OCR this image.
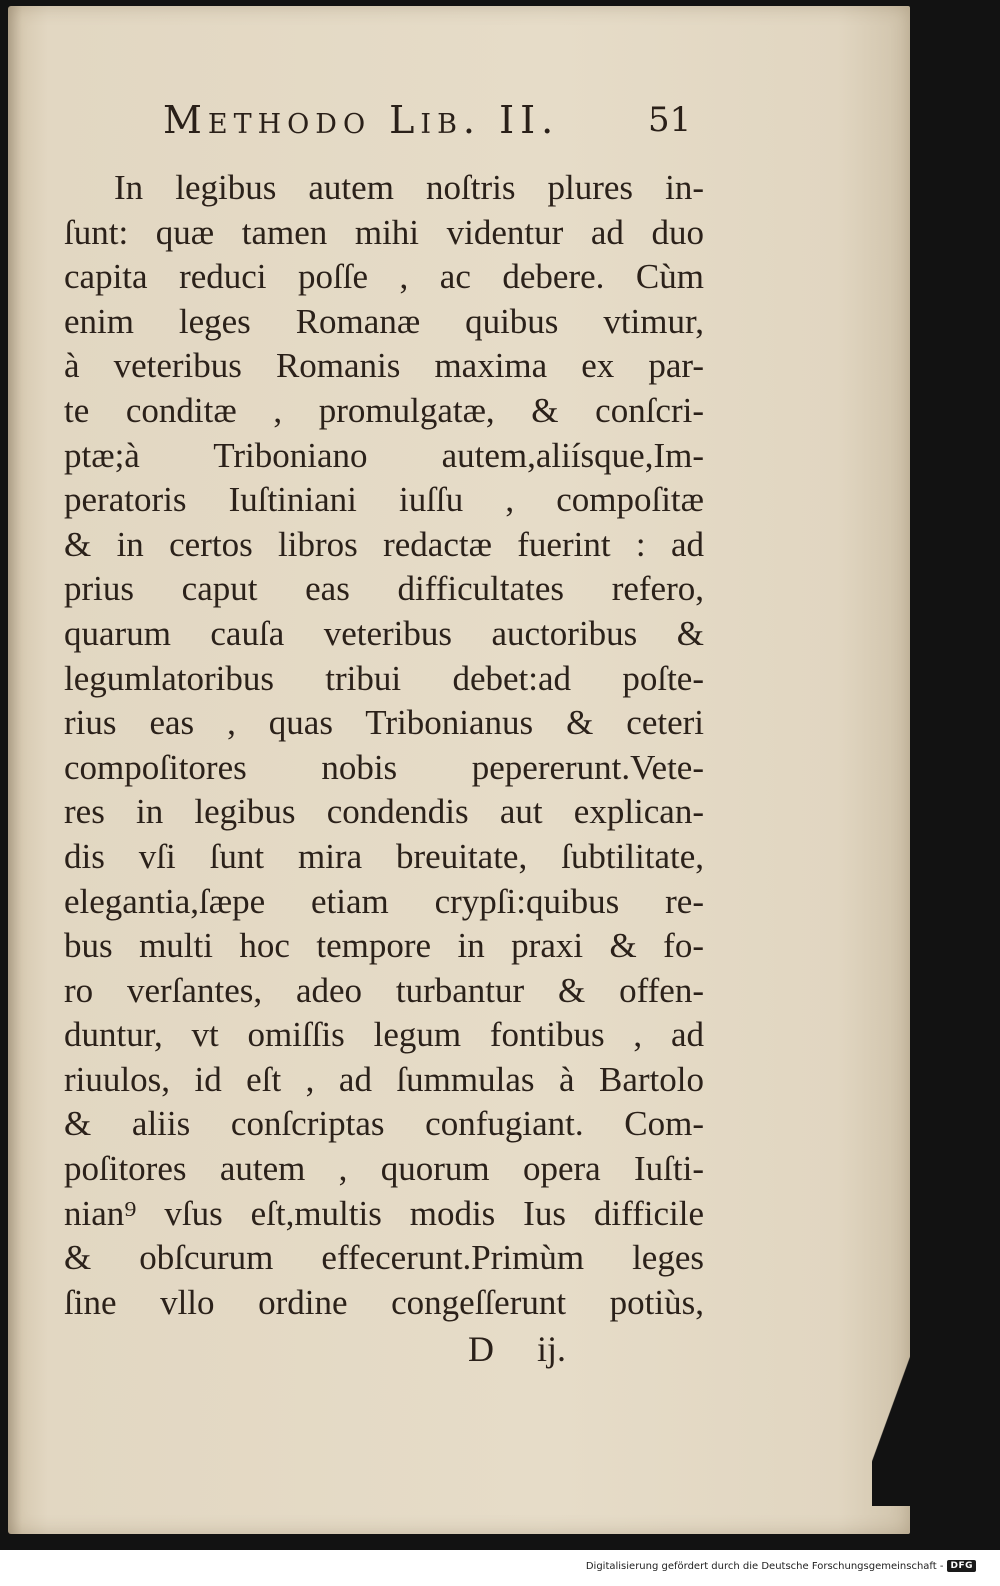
Methodo Lib. II.	51
In legibus autem noſtris plures in-
ſunt: quæ tamen mihi videntur ad duo
capita reduci poſſe , ac debere. Cùm
enim leges Romanæ quibus vtimur,
à veteribus Romanis maxima ex par-
te conditæ , promulgatæ, & conſcri-
ptæ;à Triboniano autem,aliísque,Im-
peratoris Iuſtiniani iuſſu , compoſitæ
& in certos libros redactæ fuerint : ad
prius caput eas difficultates refero,
quarum cauſa veteribus auctoribus &
legumlatoribus tribui debet:ad poſte-
rius eas , quas Tribonianus & ceteri
compoſitores nobis pepererunt.Vete-
res in legibus condendis aut explican-
dis vſi ſunt mira breuitate, ſubtilitate,
elegantia,ſæpe etiam crypſi:quibus re-
bus multi hoc tempore in praxi & fo-
ro verſantes, adeo turbantur & offen-
duntur, vt omiſſis legum fontibus , ad
riuulos, id eſt , ad ſummulas à Bartolo
& aliis conſcriptas confugiant. Com-
poſitores autem , quorum opera Iuſti-
nian⁹ vſus eſt,multis modis Ius difficile
& obſcurum effecerunt.Primùm leges
ſine vllo ordine congeſſerunt potiùs,
D ij.
Digitalisierung gefördert durch die Deutsche Forschungsgemeinschaft - DFG
